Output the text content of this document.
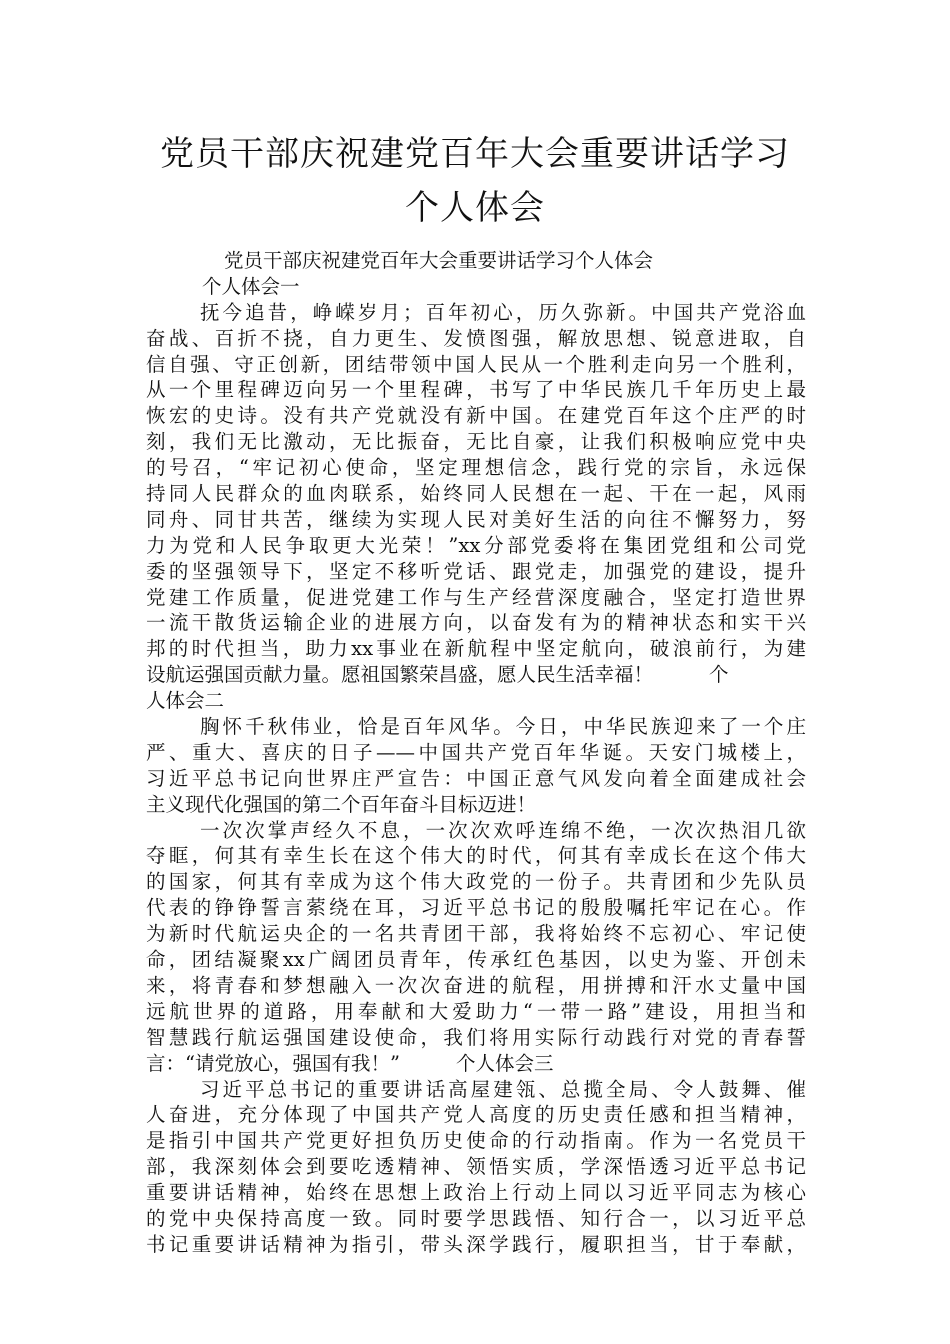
党员干部庆祝建党百年大会重要讲话学习
个人体会
党员干部庆祝建党百年大会重要讲话学习个人体会
个人体会一
抚今追昔，峥嵘岁月；百年初心，历久弥新。中国共产党浴血
奋战、百折不挠，自力更生、发愤图强，解放思想、锐意进取，自
信自强、守正创新，团结带领中国人民从一个胜利走向另一个胜利，
从一个里程碑迈向另一个里程碑，书写了中华民族几千年历史上最
恢宏的史诗。没有共产党就没有新中国。在建党百年这个庄严的时
刻，我们无比激动，无比振奋，无比自豪，让我们积极响应党中央
的号召，“牢记初心使命，坚定理想信念，践行党的宗旨，永远保
持同人民群众的血肉联系，始终同人民想在一起、干在一起，风雨
同舟、同甘共苦，继续为实现人民对美好生活的向往不懈努力，努
力为党和人民争取更大光荣！”xx分部党委将在集团党组和公司党
委的坚强领导下，坚定不移听党话、跟党走，加强党的建设，提升
党建工作质量，促进党建工作与生产经营深度融合，坚定打造世界
一流干散货运输企业的进展方向，以奋发有为的精神状态和实干兴
邦的时代担当，助力xx事业在新航程中坚定航向，破浪前行，为建
设航运强国贡献力量。愿祖国繁荣昌盛，愿人民生活幸福！	个
人体会二
胸怀千秋伟业，恰是百年风华。今日，中华民族迎来了一个庄
严、重大、喜庆的日子——中国共产党百年华诞。天安门城楼上，
习近平总书记向世界庄严宣告：中国正意气风发向着全面建成社会
主义现代化强国的第二个百年奋斗目标迈进！
一次次掌声经久不息，一次次欢呼连绵不绝，一次次热泪几欲
夺眶，何其有幸生长在这个伟大的时代，何其有幸成长在这个伟大
的国家，何其有幸成为这个伟大政党的一份子。共青团和少先队员
代表的铮铮誓言萦绕在耳，习近平总书记的殷殷嘱托牢记在心。作
为新时代航运央企的一名共青团干部，我将始终不忘初心、牢记使
命，团结凝聚xx广阔团员青年，传承红色基因，以史为鉴、开创未
来，将青春和梦想融入一次次奋进的航程，用拼搏和汗水丈量中国
远航世界的道路，用奉献和大爱助力“一带一路”建设，用担当和
智慧践行航运强国建设使命，我们将用实际行动践行对党的青春誓
言：“请党放心，强国有我！”	个人体会三
习近平总书记的重要讲话高屋建瓴、总揽全局、令人鼓舞、催
人奋进，充分体现了中国共产党人高度的历史责任感和担当精神，
是指引中国共产党更好担负历史使命的行动指南。作为一名党员干
部，我深刻体会到要吃透精神、领悟实质，学深悟透习近平总书记
重要讲话精神，始终在思想上政治上行动上同以习近平同志为核心
的党中央保持高度一致。同时要学思践悟、知行合一，以习近平总
书记重要讲话精神为指引，带头深学践行，履职担当，甘于奉献，
